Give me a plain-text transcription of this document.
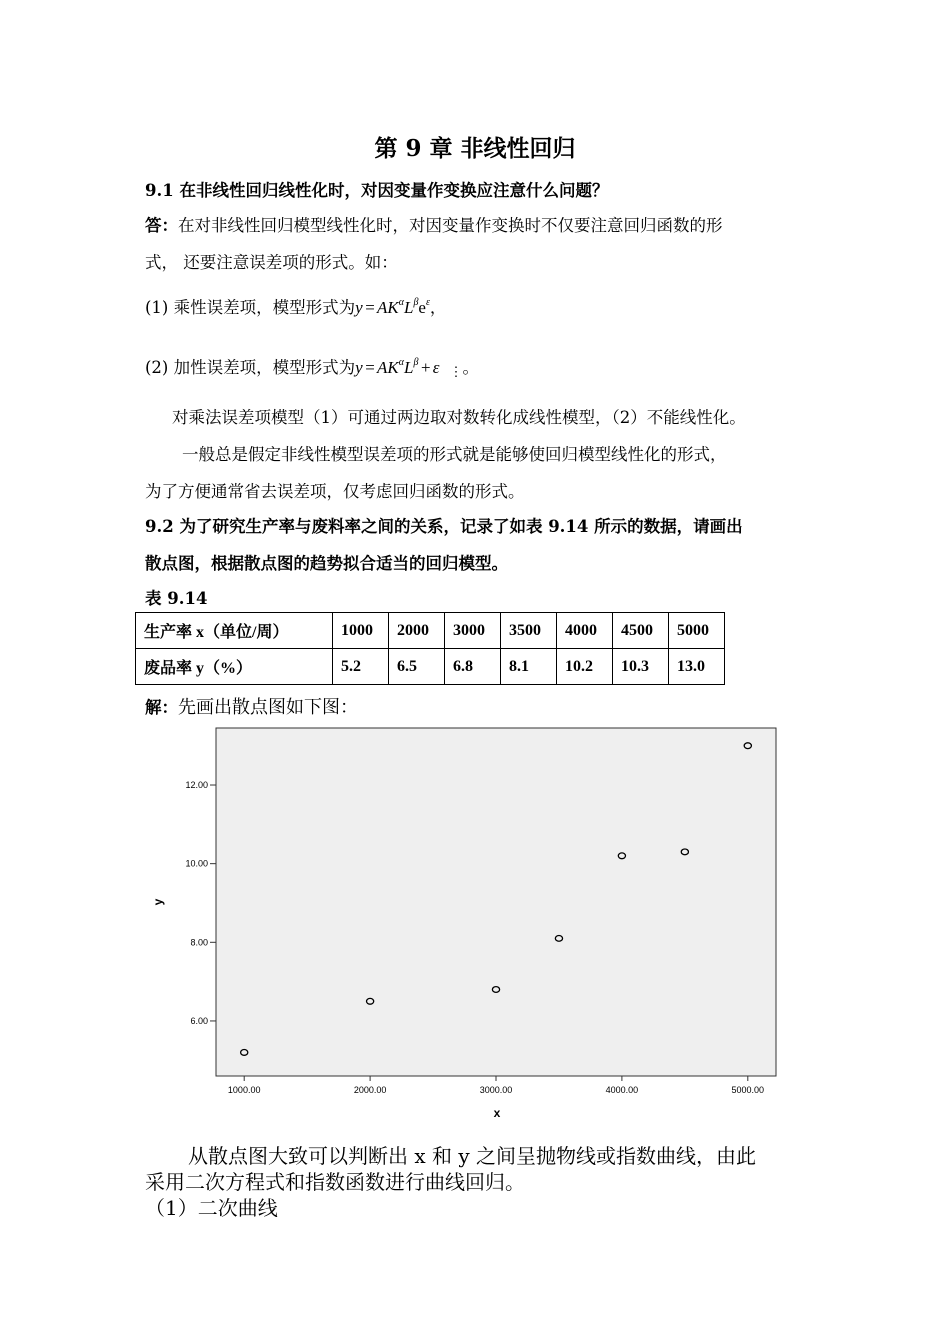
第 9 章 非线性回归
9.1 在非线性回归线性化时，对因变量作变换应注意什么问题？
答：在对非线性回归模型线性化时，对因变量作变换时不仅要注意回归函数的形
式， 还要注意误差项的形式。如：
(1) 乘性误差项，模型形式为y = $AK^\alpha L^\beta e^\varepsilon$，
(2) 加性误差项，模型形式为y = $AK^\alpha L^\beta$ + ε ⋮。
对乘法误差项模型（1）可通过两边取对数转化成线性模型，（2）不能线性化。
一般总是假定非线性模型误差项的形式就是能够使回归模型线性化的形式，
为了方便通常省去误差项，仅考虑回归函数的形式。
9.2 为了研究生产率与废料率之间的关系，记录了如表 9.14 所示的数据，请画出
散点图，根据散点图的趋势拟合适当的回归模型。
表 9.14
生产率 x（单位/周）	1000	2000	3000	3500	4000	4500	5000
废品率 y（%）	5.2	6.5	6.8	8.1	10.2	10.3	13.0
解：先画出散点图如下图：
6.00
8.00
10.00
12.00
1000.00	2000.00	3000.00	4000.00	5000.00
y
x
从散点图大致可以判断出 x 和 y 之间呈抛物线或指数曲线，由此
采用二次方程式和指数函数进行曲线回归。
（1）二次曲线
